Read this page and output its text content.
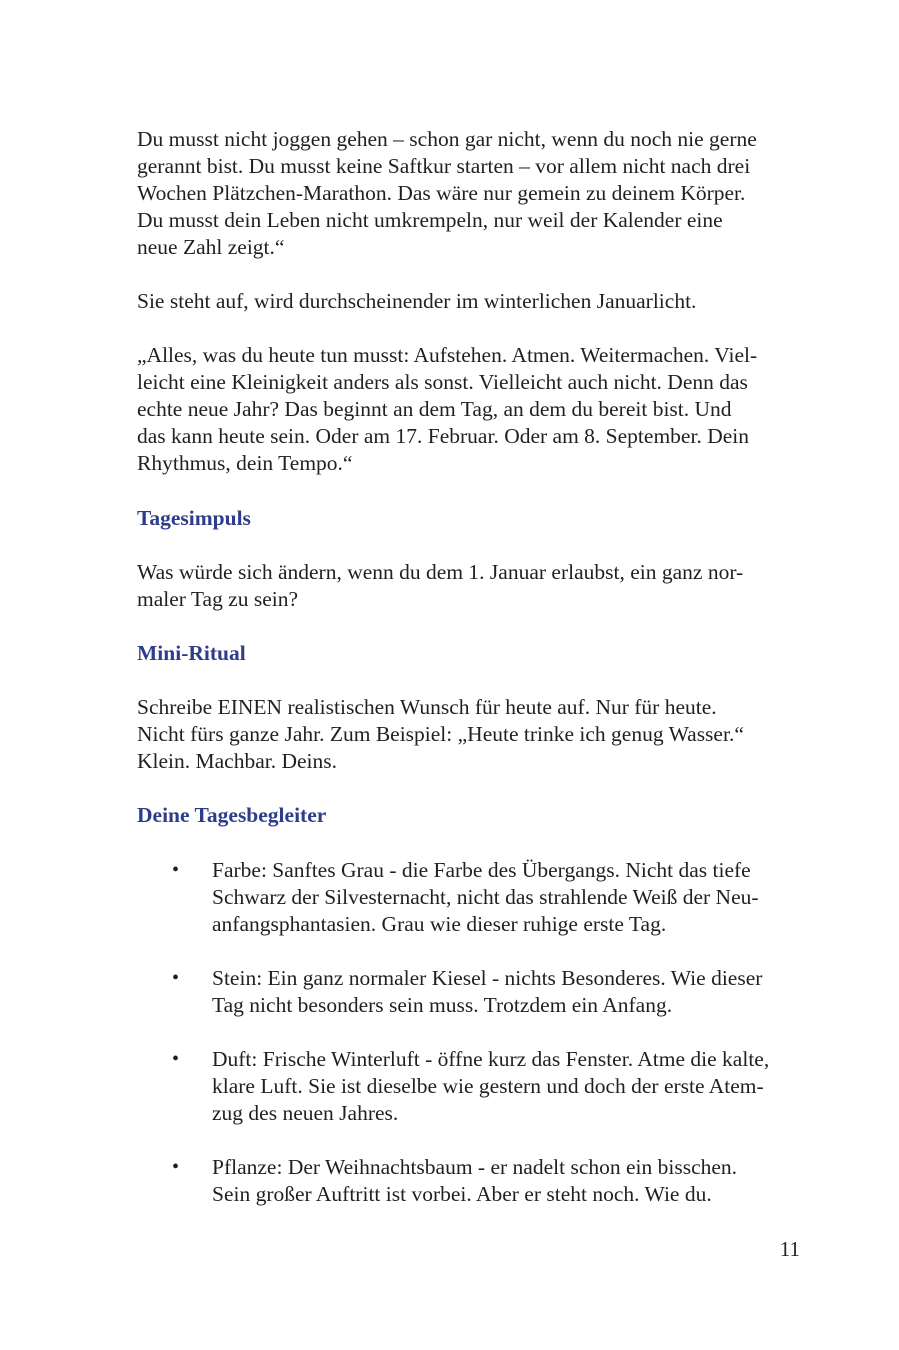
Du musst nicht joggen gehen – schon gar nicht, wenn du noch nie gerne
gerannt bist. Du musst keine Saftkur starten – vor allem nicht nach drei
Wochen Plätzchen-Marathon. Das wäre nur gemein zu deinem Körper.
Du musst dein Leben nicht umkrempeln, nur weil der Kalender eine
neue Zahl zeigt.“
Sie steht auf, wird durchscheinender im winterlichen Januarlicht.
„Alles, was du heute tun musst: Aufstehen. Atmen. Weitermachen. Viel-
leicht eine Kleinigkeit anders als sonst. Vielleicht auch nicht. Denn das
echte neue Jahr? Das beginnt an dem Tag, an dem du bereit bist. Und
das kann heute sein. Oder am 17. Februar. Oder am 8. September. Dein
Rhythmus, dein Tempo.“
Tagesimpuls
Was würde sich ändern, wenn du dem 1. Januar erlaubst, ein ganz nor-
maler Tag zu sein?
Mini-Ritual
Schreibe EINEN realistischen Wunsch für heute auf. Nur für heute.
Nicht fürs ganze Jahr. Zum Beispiel: „Heute trinke ich genug Wasser.“
Klein. Machbar. Deins.
Deine Tagesbegleiter
• Farbe: Sanftes Grau - die Farbe des Übergangs. Nicht das tiefe
Schwarz der Silvesternacht, nicht das strahlende Weiß der Neu-
anfangsphantasien. Grau wie dieser ruhige erste Tag.
• Stein: Ein ganz normaler Kiesel - nichts Besonderes. Wie dieser
Tag nicht besonders sein muss. Trotzdem ein Anfang.
• Duft: Frische Winterluft - öffne kurz das Fenster. Atme die kalte,
klare Luft. Sie ist dieselbe wie gestern und doch der erste Atem-
zug des neuen Jahres.
• Pflanze: Der Weihnachtsbaum - er nadelt schon ein bisschen.
Sein großer Auftritt ist vorbei. Aber er steht noch. Wie du.
11
